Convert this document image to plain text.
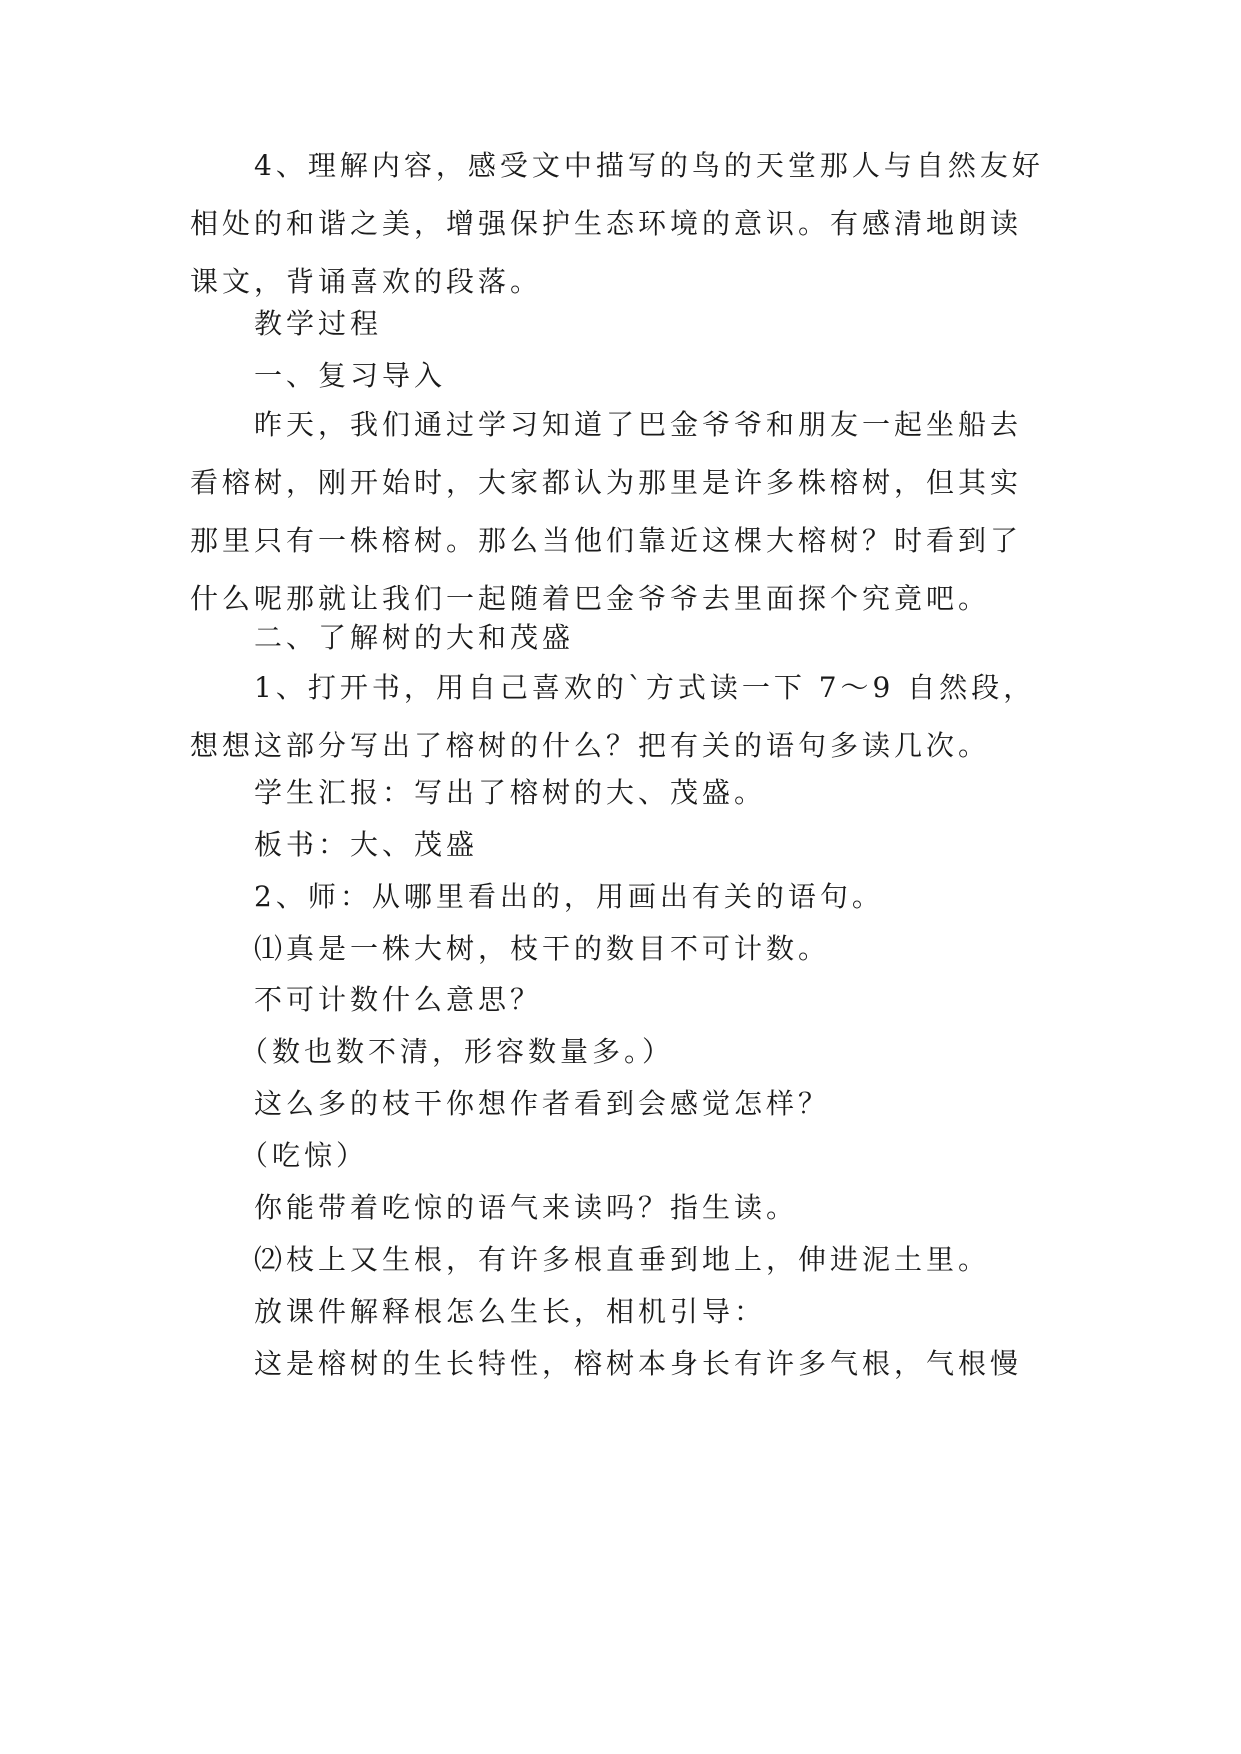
4、理解内容，感受文中描写的鸟的天堂那人与自然友好相处的和谐之美，增强保护生态环境的意识。有感清地朗读课文，背诵喜欢的段落。

教学过程

一、复习导入

昨天，我们通过学习知道了巴金爷爷和朋友一起坐船去看榕树，刚开始时，大家都认为那里是许多株榕树，但其实那里只有一株榕树。那么当他们靠近这棵大榕树？时看到了什么呢那就让我们一起随着巴金爷爷去里面探个究竟吧。

二、了解树的大和茂盛

1、打开书，用自己喜欢的`方式读一下 7～9 自然段，想想这部分写出了榕树的什么？把有关的语句多读几次。

学生汇报：写出了榕树的大、茂盛。

板书：大、茂盛

2、师：从哪里看出的，用画出有关的语句。

⑴真是一株大树，枝干的数目不可计数。

不可计数什么意思？

（数也数不清，形容数量多。）

这么多的枝干你想作者看到会感觉怎样？

（吃惊）

你能带着吃惊的语气来读吗？指生读。

⑵枝上又生根，有许多根直垂到地上，伸进泥土里。

放课件解释根怎么生长，相机引导：

这是榕树的生长特性，榕树本身长有许多气根，气根慢
